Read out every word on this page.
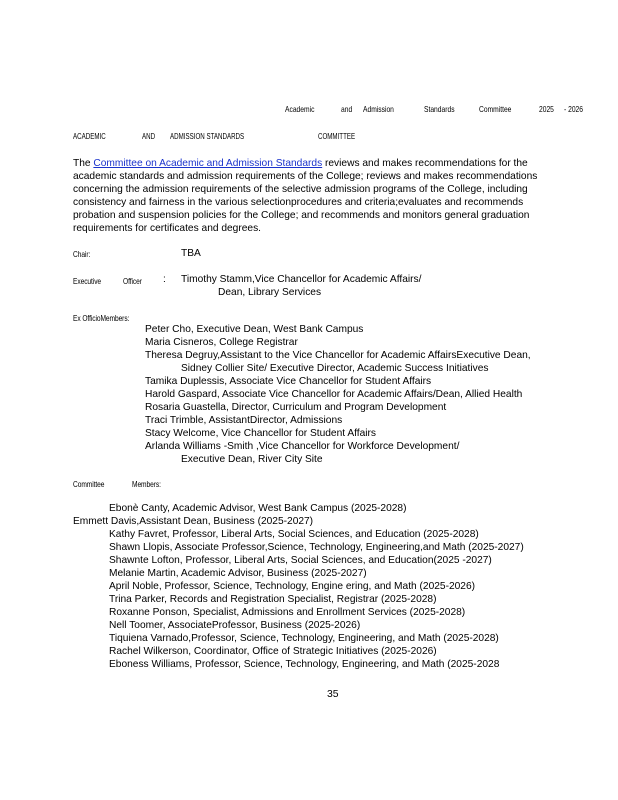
Academic	and Admission	Standards	Committee	2025 - 2026
ACADEMIC	AND ADMISSION STANDARDS	COMMITTEE
The Committee on Academic and Admission Standards reviews and makes recommendations for the
academic standards and admission requirements of the College; reviews and makes recommendations
concerning the admission requirements of the selective admission programs of the College, including
consistency and fairness in the various selectionprocedures and criteria;evaluates and recommends
probation and suspension policies for the College; and recommends and monitors general graduation
requirements for certificates and degrees.
Chair:	TBA
Executive	Officer : Timothy Stamm,Vice Chancellor for Academic Affairs/
Dean, Library Services
Ex OfficioMembers:
Peter Cho, Executive Dean, West Bank Campus
Maria Cisneros, College Registrar
Theresa Degruy,Assistant to the Vice Chancellor for Academic AffairsExecutive Dean,
Sidney Collier Site/ Executive Director, Academic Success Initiatives
Tamika Duplessis, Associate Vice Chancellor for Student Affairs
Harold Gaspard, Associate Vice Chancellor for Academic Affairs/Dean, Allied Health
Rosaria Guastella, Director, Curriculum and Program Development
Traci Trimble, AssistantDirector, Admissions
Stacy Welcome, Vice Chancellor for Student Affairs
Arlanda Williams -Smith ,Vice Chancellor for Workforce Development/
Executive Dean, River City Site
Committee	Members:
Ebonè Canty, Academic Advisor, West Bank Campus (2025-2028)
Emmett Davis,Assistant Dean, Business (2025-2027)
Kathy Favret, Professor, Liberal Arts, Social Sciences, and Education (2025-2028)
Shawn Llopis, Associate Professor,Science, Technology, Engineering,and Math (2025-2027)
Shawnte Lofton, Professor, Liberal Arts, Social Sciences, and Education(2025 -2027)
Melanie Martin, Academic Advisor, Business (2025-2027)
April Noble, Professor, Science, Technology, Engine ering, and Math (2025-2026)
Trina Parker, Records and Registration Specialist, Registrar (2025-2028)
Roxanne Ponson, Specialist, Admissions and Enrollment Services (2025-2028)
Nell Toomer, AssociateProfessor, Business (2025-2026)
Tiquiena Varnado,Professor, Science, Technology, Engineering, and Math (2025-2028)
Rachel Wilkerson, Coordinator, Office of Strategic Initiatives (2025-2026)
Eboness Williams, Professor, Science, Technology, Engineering, and Math (2025-2028
35
